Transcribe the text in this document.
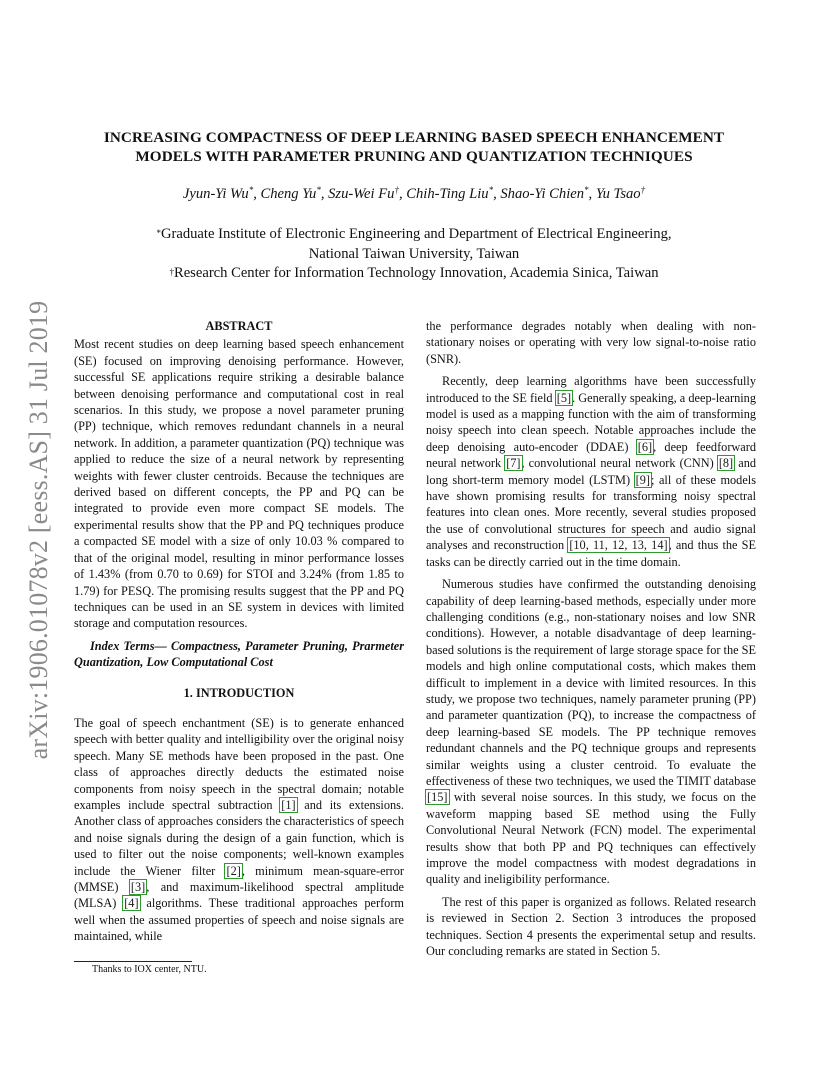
arXiv:1906.01078v2 [eess.AS] 31 Jul 2019
INCREASING COMPACTNESS OF DEEP LEARNING BASED SPEECH ENHANCEMENT
MODELS WITH PARAMETER PRUNING AND QUANTIZATION TECHNIQUES
Jyun-Yi Wu*, Cheng Yu*, Szu-Wei Fu†, Chih-Ting Liu*, Shao-Yi Chien*, Yu Tsao†
*Graduate Institute of Electronic Engineering and Department of Electrical Engineering,
National Taiwan University, Taiwan
†Research Center for Information Technology Innovation, Academia Sinica, Taiwan
ABSTRACT

Most recent studies on deep learning based speech enhancement (SE) focused on improving denoising performance. However, successful SE applications require striking a desirable balance between denoising performance and computational cost in real scenarios. In this study, we propose a novel parameter pruning (PP) technique, which removes redundant channels in a neural network. In addition, a parameter quantization (PQ) technique was applied to reduce the size of a neural network by representing weights with fewer cluster centroids. Because the techniques are derived based on different concepts, the PP and PQ can be integrated to provide even more compact SE models. The experimental results show that the PP and PQ techniques produce a compacted SE model with a size of only 10.03 % compared to that of the original model, resulting in minor performance losses of 1.43% (from 0.70 to 0.69) for STOI and 3.24% (from 1.85 to 1.79) for PESQ. The promising results suggest that the PP and PQ techniques can be used in an SE system in devices with limited storage and computation resources.

Index Terms— Compactness, Parameter Pruning, Prarmeter Quantization, Low Computational Cost

1. INTRODUCTION

The goal of speech enchantment (SE) is to generate enhanced speech with better quality and intelligibility over the original noisy speech. Many SE methods have been proposed in the past. One class of approaches directly deducts the estimated noise components from noisy speech in the spectral domain; notable examples include spectral subtraction [1] and its extensions. Another class of approaches considers the characteristics of speech and noise signals during the design of a gain function, which is used to filter out the noise components; well-known examples include the Wiener filter [2], minimum mean-square-error (MMSE) [3], and maximum-likelihood spectral amplitude (MLSA) [4] algorithms. These traditional approaches perform well when the assumed properties of speech and noise signals are maintained, while

the performance degrades notably when dealing with non-stationary noises or operating with very low signal-to-noise ratio (SNR).

Recently, deep learning algorithms have been successfully introduced to the SE field [5]. Generally speaking, a deep-learning model is used as a mapping function with the aim of transforming noisy speech into clean speech. Notable approaches include the deep denoising auto-encoder (DDAE) [6], deep feedforward neural network [7], convolutional neural network (CNN) [8] and long short-term memory model (LSTM) [9]; all of these models have shown promising results for transforming noisy spectral features into clean ones. More recently, several studies proposed the use of convolutional structures for speech and audio signal analyses and reconstruction [10, 11, 12, 13, 14], and thus the SE tasks can be directly carried out in the time domain.

Numerous studies have confirmed the outstanding denoising capability of deep learning-based methods, especially under more challenging conditions (e.g., non-stationary noises and low SNR conditions). However, a notable disadvantage of deep learning-based solutions is the requirement of large storage space for the SE models and high online computational costs, which makes them difficult to implement in a device with limited resources. In this study, we propose two techniques, namely parameter pruning (PP) and parameter quantization (PQ), to increase the compactness of deep learning-based SE models. The PP technique removes redundant channels and the PQ technique groups and represents similar weights using a cluster centroid. To evaluate the effectiveness of these two techniques, we used the TIMIT database [15] with several noise sources. In this study, we focus on the waveform mapping based SE method using the Fully Convolutional Neural Network (FCN) model. The experimental results show that both PP and PQ techniques can effectively improve the model compactness with modest degradations in quality and ineligibility performance.

The rest of this paper is organized as follows. Related research is reviewed in Section 2. Section 3 introduces the proposed techniques. Section 4 presents the experimental setup and results. Our concluding remarks are stated in Section 5.

Thanks to IOX center, NTU.
